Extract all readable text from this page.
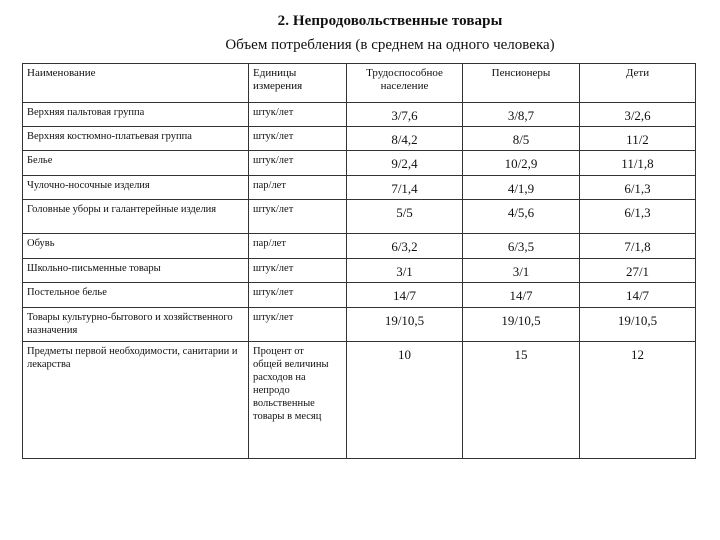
2. Непродовольственные товары
Объем потребления (в среднем на одного человека)
Наименование	Единицы измерения	Трудоспособное население	Пенсионеры	Дети
Верхняя пальтовая группа	штук/лет	3/7,6	3/8,7	3/2,6
Верхняя костюмно-платьевая группа	штук/лет	8/4,2	8/5	11/2
Белье	штук/лет	9/2,4	10/2,9	11/1,8
Чулочно-носочные изделия	пар/лет	7/1,4	4/1,9	6/1,3
Головные уборы и галантерейные изделия	штук/лет	5/5	4/5,6	6/1,3
Обувь	пар/лет	6/3,2	6/3,5	7/1,8
Школьно-письменные товары	штук/лет	3/1	3/1	27/1
Постельное белье	штук/лет	14/7	14/7	14/7
Товары культурно-бытового и хозяйственного назначения	штук/лет	19/10,5	19/10,5	19/10,5
Предметы первой необходимости, санитарии и лекарства	Процент от общей величины расходов на непродо вольственные товары в месяц	10	15	12
